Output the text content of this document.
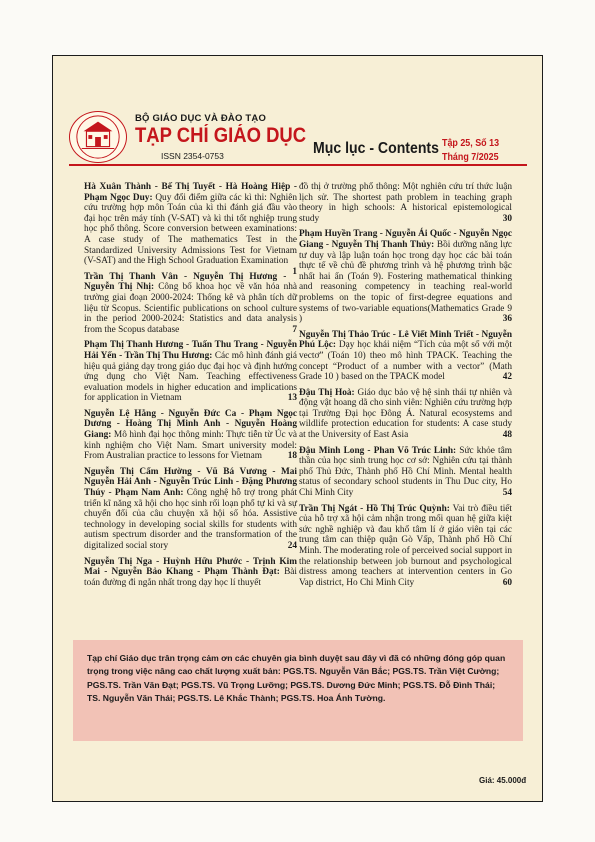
BỘ GIÁO DỤC VÀ ĐÀO TẠO
TẠP CHÍ GIÁO DỤC
ISSN 2354-0753	Mục lục - Contents Tập 25, Số 13
Tháng 7/2025

Hà Xuân Thành - Bế Thị Tuyết - Hà Hoàng Hiệp - Phạm Ngọc Duy: Quy đổi điểm giữa các kì thi: Nghiên cứu trường hợp môn Toán của kì thi đánh giá đầu vào đại học trên máy tính (V-SAT) và kì thi tốt nghiệp trung học phổ thông. Score conversion between examinations: A case study of The mathematics Test in the Standardized University Admissions Test for Vietnam (V-SAT) and the High School Graduation Examination
1

Trần Thị Thanh Vân - Nguyễn Thị Hương - Nguyễn Thị Nhị: Công bố khoa học về văn hóa nhà trường giai đoạn 2000-2024: Thống kê và phân tích dữ liệu từ Scopus. Scientific publications on school culture in the period 2000-2024: Statistics and data analysis from the Scopus database	7

Phạm Thị Thanh Hương - Tuấn Thu Trang - Nguyễn Hải Yến - Trần Thị Thu Hương: Các mô hình đánh giá hiệu quả giảng dạy trong giáo dục đại học và định hướng ứng dụng cho Việt Nam. Teaching effectiveness evaluation models in higher education and implications for application in Vietnam	13

Nguyễn Lệ Hằng - Nguyễn Đức Ca - Phạm Ngọc Dương - Hoàng Thị Minh Anh - Nguyễn Hoàng Giang: Mô hình đại học thông minh: Thực tiễn từ Úc và kinh nghiệm cho Việt Nam. Smart university model: From Australian practice to lessons for Vietnam	18

Nguyễn Thị Cẩm Hường - Vũ Bá Vương - Mai Nguyễn Hải Anh - Nguyễn Trúc Linh - Đặng Phương Thúy - Phạm Nam Anh: Công nghệ hỗ trợ trong phát triển kĩ năng xã hội cho học sinh rối loạn phổ tự kỉ và sự chuyển đổi của câu chuyện xã hội số hóa. Assistive technology in developing social skills for students with autism spectrum disorder and the transformation of the digitalized social story	24

Nguyễn Thị Nga - Huỳnh Hữu Phước - Trịnh Kim Mai - Nguyễn Bảo Khang - Phạm Thành Đạt: Bài toán đường đi ngắn nhất trong dạy học lí thuyết

đồ thị ở trường phổ thông: Một nghiên cứu trí thức luận lịch sử. The shortest path problem in teaching graph theory in high schools: A historical epistemological study	30

Phạm Huyền Trang - Nguyễn Ái Quốc - Nguyễn Ngọc Giang - Nguyễn Thị Thanh Thủy: Bồi dưỡng năng lực tư duy và lập luận toán học trong dạy học các bài toán thực tế về chủ đề phương trình và hệ phương trình bậc nhất hai ẩn (Toán 9). Fostering mathematical thinking and reasoning competency in teaching real-world problems on the topic of first-degree equations and systems of two-variable equations(Mathematics Grade 9 )	36

Nguyễn Thị Thảo Trúc - Lê Viết Minh Triết - Nguyễn Phú Lộc: Dạy học khái niệm “Tích của một số với một vectơ” (Toán 10) theo mô hình TPACK. Teaching the concept “Product of a number with a vector” (Math Grade 10 ) based on the TPACK model	42

Đậu Thị Hoà: Giáo dục bảo vệ hệ sinh thái tự nhiên và động vật hoang dã cho sinh viên: Nghiên cứu trường hợp tại Trường Đại học Đông Á. Natural ecosystems and wildlife protection education for students: A case study at the University of East Asia	48

Đậu Minh Long - Phan Võ Trúc Linh: Sức khỏe tâm thần của học sinh trung học cơ sở: Nghiên cứu tại thành phố Thủ Đức, Thành phố Hồ Chí Minh. Mental health status of secondary school students in Thu Duc city, Ho Chi Minh City	54

Trần Thị Ngát - Hồ Thị Trúc Quỳnh: Vai trò điều tiết của hỗ trợ xã hội cảm nhận trong mối quan hệ giữa kiệt sức nghề nghiệp và đau khổ tâm lí ở giáo viên tại các trung tâm can thiệp quận Gò Vấp, Thành phố Hồ Chí Minh. The moderating role of perceived social support in the relationship between job burnout and psychological distress among teachers at intervention centers in Go Vap district, Ho Chi Minh City	60

Tạp chí Giáo dục trân trọng cảm ơn các chuyên gia bình duyệt sau đây vì đã có những đóng góp quan trọng trong việc nâng cao chất lượng xuất bản: PGS.TS. Nguyễn Văn Bắc; PGS.TS. Trần Việt Cường; PGS.TS. Trần Văn Đạt; PGS.TS. Vũ Trọng Lưỡng; PGS.TS. Dương Đức Minh; PGS.TS. Đỗ Đình Thái; TS. Nguyễn Văn Thái; PGS.TS. Lê Khắc Thành; PGS.TS. Hoa Ánh Tường.

Giá: 45.000đ
